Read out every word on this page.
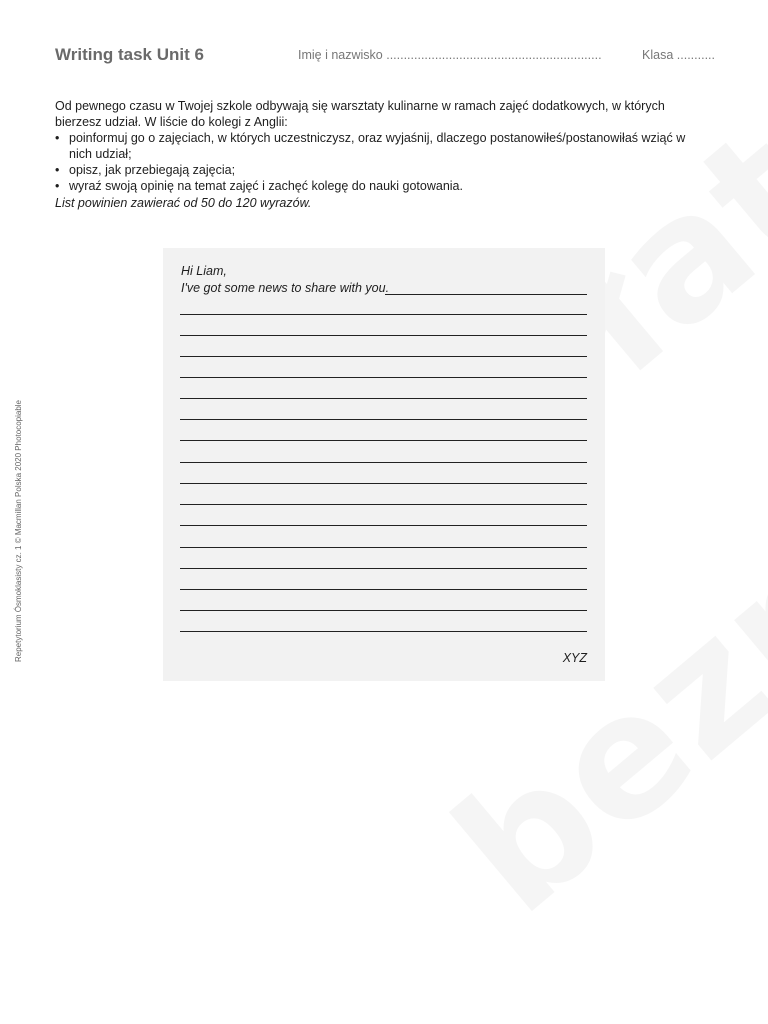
Writing task Unit 6	Imię i nazwisko ..............................................................	Klasa ...........

Od pewnego czasu w Twojej szkole odbywają się warsztaty kulinarne w ramach zajęć dodatkowych, w których bierzesz udział. W liście do kolegi z Anglii:

• poinformuj go o zajęciach, w których uczestniczysz, oraz wyjaśnij, dlaczego postanowiłeś/postanowiłaś wziąć w nich udział;
• opisz, jak przebiegają zajęcia;
• wyraź swoją opinię na temat zajęć i zachęć kolegę do nauki gotowania.

List powinien zawierać od 50 do 120 wyrazów.

Hi Liam,
I've got some news to share with you.
XYZ
Repetytorium Ósmoklasisty cz. 1 © Macmillan Polska 2020 Photocopiable
